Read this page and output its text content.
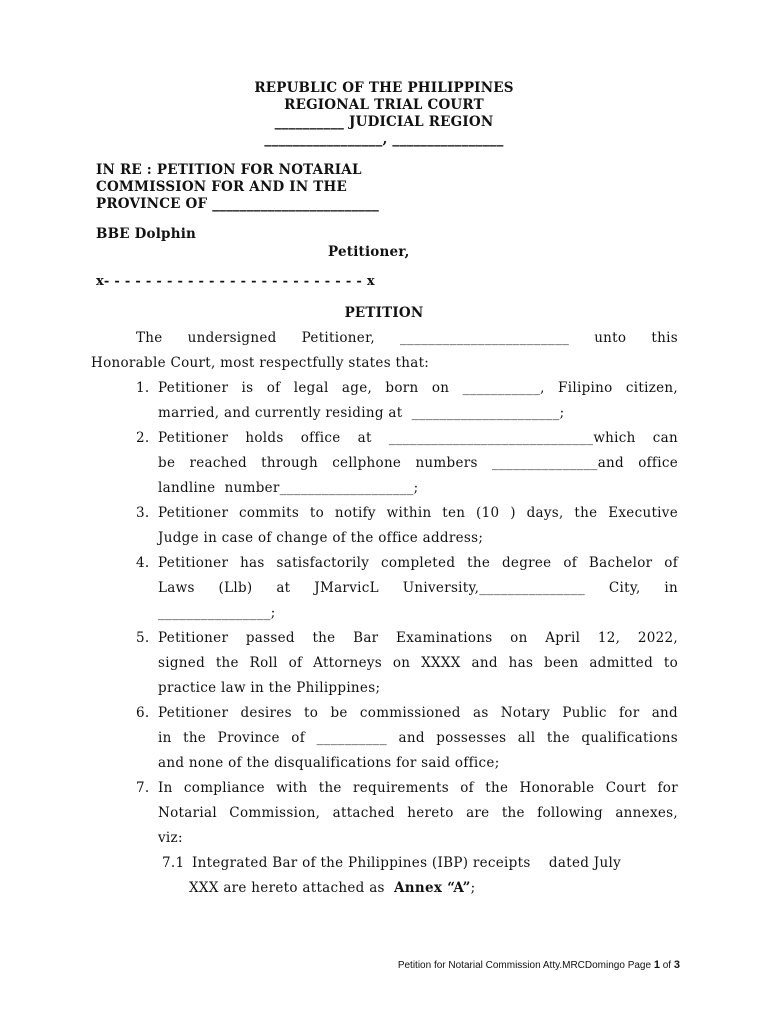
REPUBLIC OF THE PHILIPPINES
REGIONAL TRIAL COURT
__________ JUDICIAL REGION
_________________, ________________
IN RE : PETITION FOR NOTARIAL
COMMISSION FOR AND IN THE
PROVINCE OF ________________________
BBE Dolphin
Petitioner,
x- - - - - - - - - - - - - - - - - - - - - - - - - x
PETITION
The undersigned Petitioner, ________________________ unto this
Honorable Court, most respectfully states that:
1. Petitioner is of legal age, born on ___________, Filipino citizen,
married, and currently residing at  _____________________;
2. Petitioner holds office at _____________________________which can
be reached through cellphone numbers _______________and office
landline  number___________________;
3. Petitioner commits to notify within ten (10 ) days, the Executive
Judge in case of change of the office address;
4. Petitioner has satisfactorily completed the degree of Bachelor of
Laws (Llb) at JMarvicL University,_______________ City, in
________________;
5. Petitioner passed the Bar Examinations on April 12, 2022,
signed the Roll of Attorneys on XXXX and has been admitted to
practice law in the Philippines;
6. Petitioner desires to be commissioned as Notary Public for and
in the Province of __________ and possesses all the qualifications
and none of the disqualifications for said office;
7. In compliance with the requirements of the Honorable Court for
Notarial Commission, attached hereto are the following annexes,
viz:
7.1 Integrated Bar of the Philippines (IBP) receipts    dated July
XXX are hereto attached as  Annex “A”;
Petition for Notarial Commission Atty.MRCDomingo Page 1 of 3
